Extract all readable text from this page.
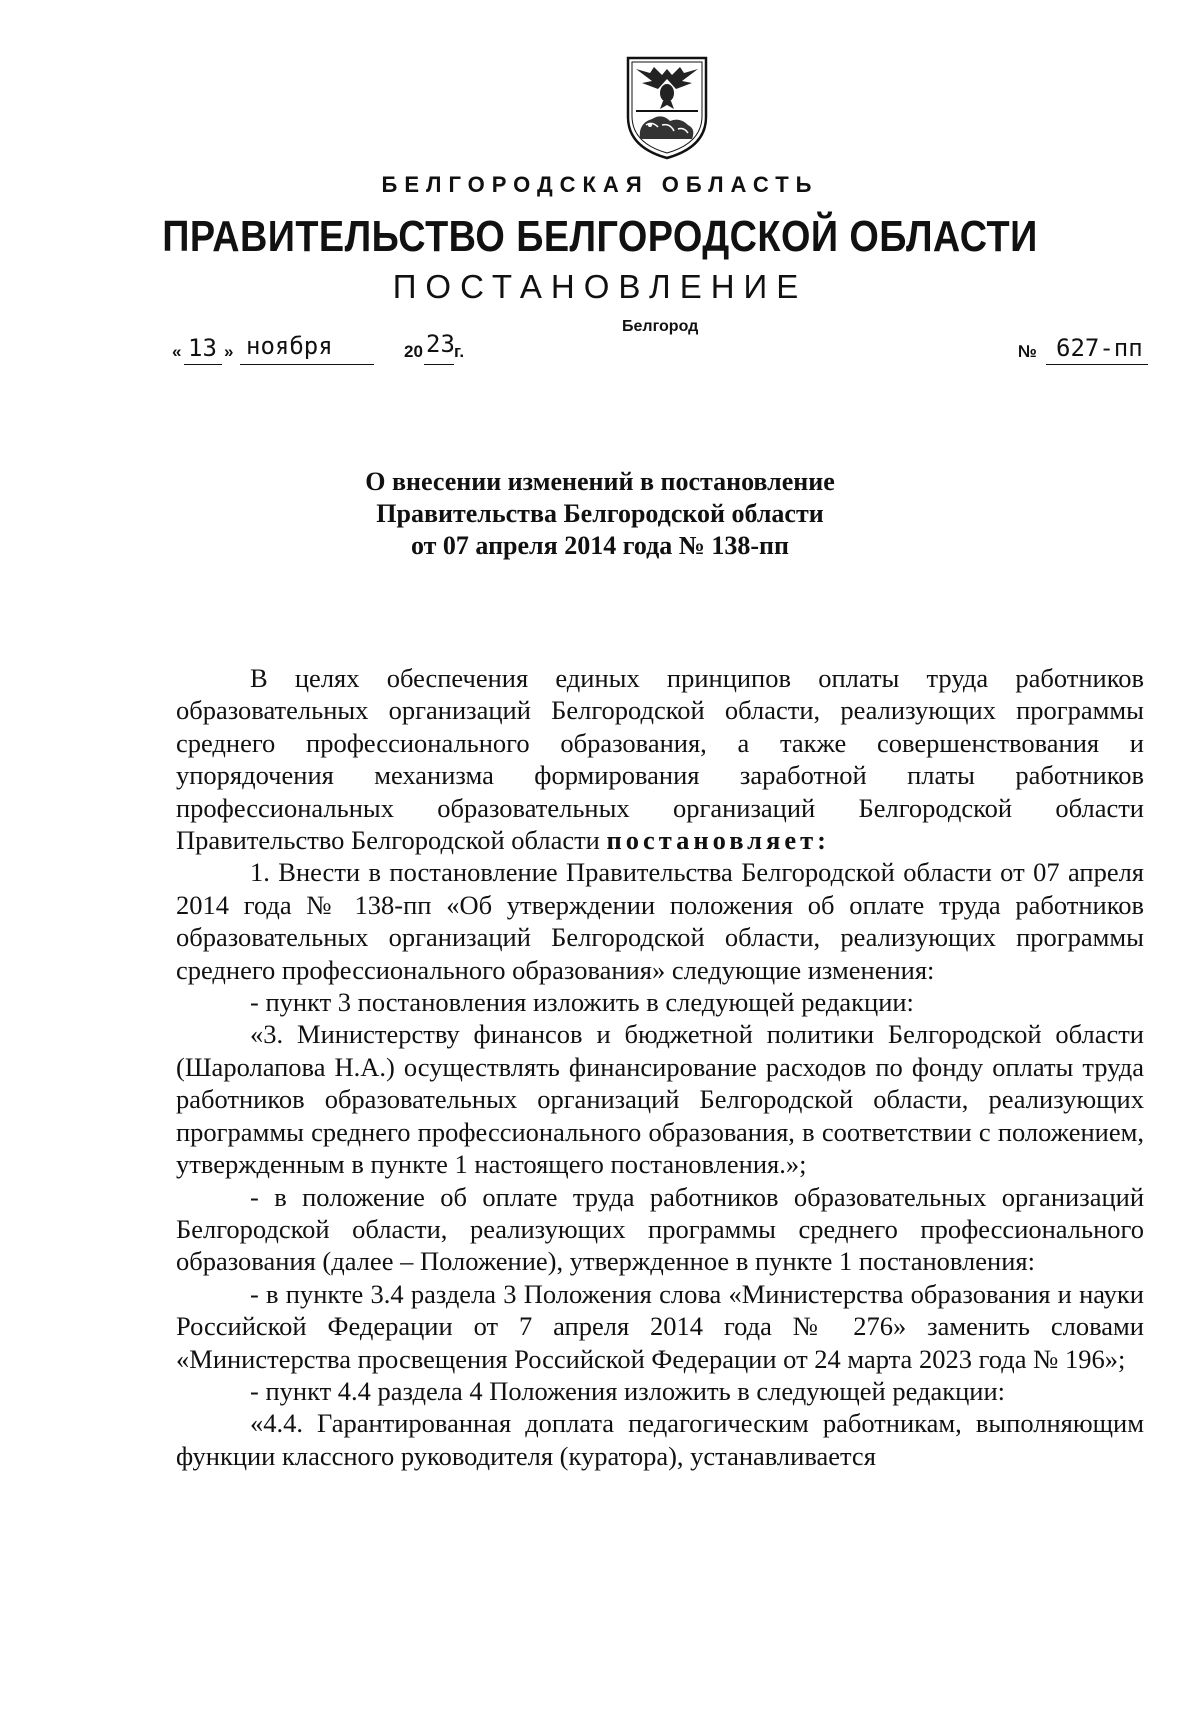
БЕЛГОРОДСКАЯ ОБЛАСТЬ
ПРАВИТЕЛЬСТВО БЕЛГОРОДСКОЙ ОБЛАСТИ
ПОСТАНОВЛЕНИЕ
Белгород
« 13 » ноября	20 23 г.	№ 627-пп
О внесении изменений в постановление
Правительства Белгородской области
от 07 апреля 2014 года № 138-пп

В целях обеспечения единых принципов оплаты труда работников образовательных организаций Белгородской области, реализующих программы среднего профессионального образования, а также совершенствования и упорядочения механизма формирования заработной платы работников профессиональных образовательных организаций Белгородской области Правительство Белгородской области постановляет:

1. Внести в постановление Правительства Белгородской области от 07 апреля 2014 года № 138-пп «Об утверждении положения об оплате труда работников образовательных организаций Белгородской области, реализующих программы среднего профессионального образования» следующие изменения:

- пункт 3 постановления изложить в следующей редакции:

«3. Министерству финансов и бюджетной политики Белгородской области (Шаролапова Н.А.) осуществлять финансирование расходов по фонду оплаты труда работников образовательных организаций Белгородской области, реализующих программы среднего профессионального образования, в соответствии с положением, утвержденным в пункте 1 настоящего постановления.»;

- в положение об оплате труда работников образовательных организаций Белгородской области, реализующих программы среднего профессионального образования (далее – Положение), утвержденное в пункте 1 постановления:

- в пункте 3.4 раздела 3 Положения слова «Министерства образования и науки Российской Федерации от 7 апреля 2014 года № 276» заменить словами «Министерства просвещения Российской Федерации от 24 марта 2023 года № 196»;

- пункт 4.4 раздела 4 Положения изложить в следующей редакции:

«4.4. Гарантированная доплата педагогическим работникам, выполняющим функции классного руководителя (куратора), устанавливается
